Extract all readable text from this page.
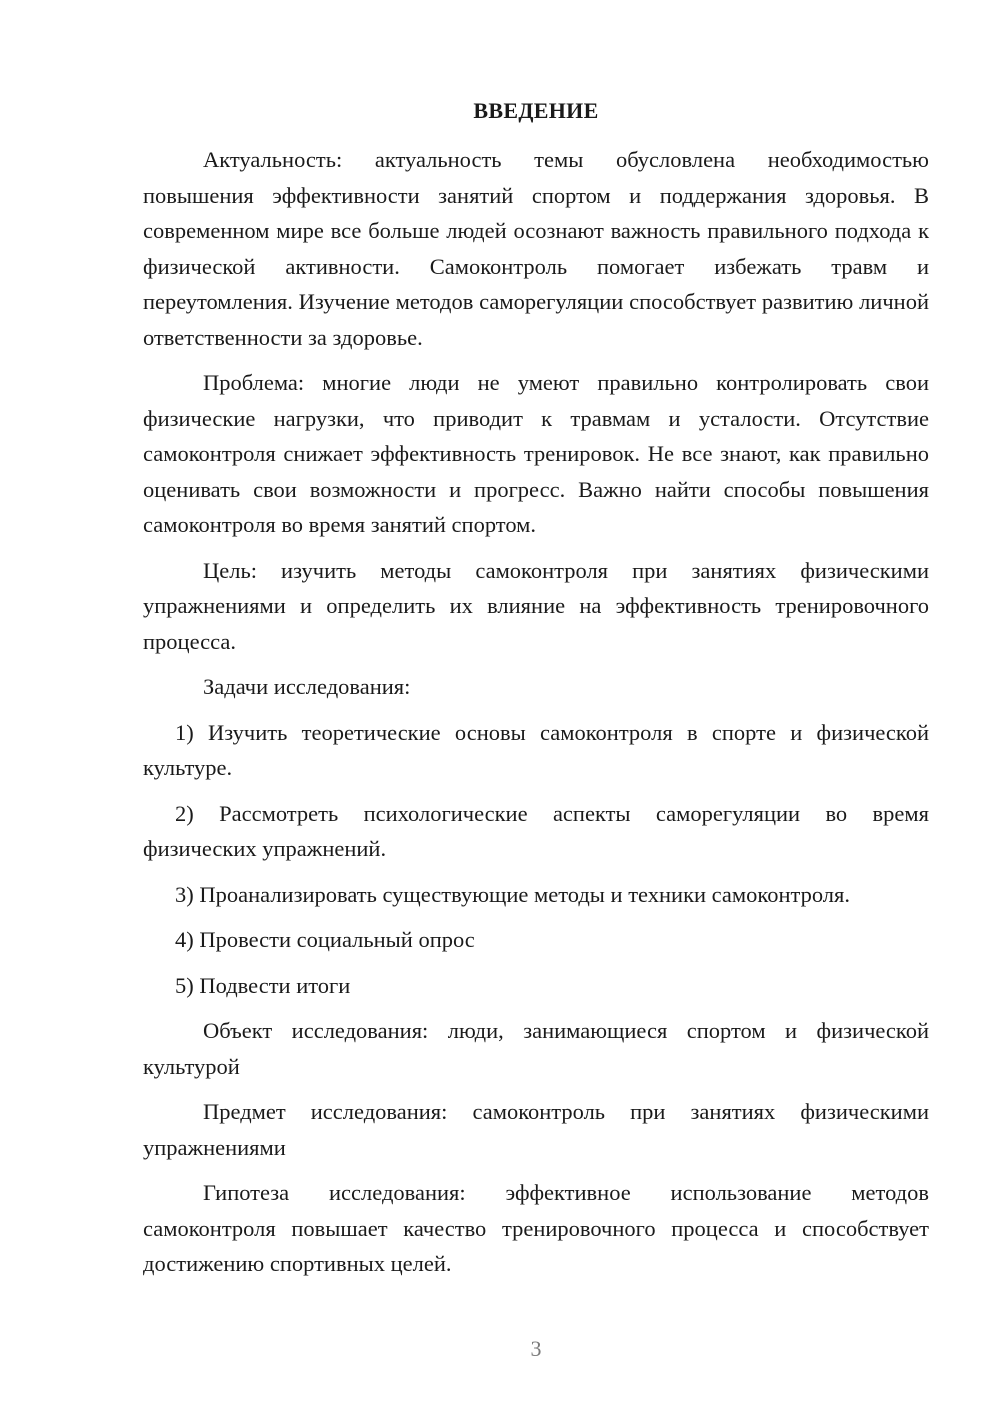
ВВЕДЕНИЕ

Актуальность: актуальность темы обусловлена необходимостью повышения эффективности занятий спортом и поддержания здоровья. В современном мире все больше людей осознают важность правильного подхода к физической активности. Самоконтроль помогает избежать травм и переутомления. Изучение методов саморегуляции способствует развитию личной ответственности за здоровье.

Проблема: многие люди не умеют правильно контролировать свои физические нагрузки, что приводит к травмам и усталости. Отсутствие самоконтроля снижает эффективность тренировок. Не все знают, как правильно оценивать свои возможности и прогресс. Важно найти способы повышения самоконтроля во время занятий спортом.

Цель: изучить методы самоконтроля при занятиях физическими упражнениями и определить их влияние на эффективность тренировочного процесса.

Задачи исследования:

1) Изучить теоретические основы самоконтроля в спорте и физической культуре.

2) Рассмотреть психологические аспекты саморегуляции во время физических упражнений.

3) Проанализировать существующие методы и техники самоконтроля.

4) Провести социальный опрос

5) Подвести итоги

Объект исследования: люди, занимающиеся спортом и физической культурой

Предмет исследования: самоконтроль при занятиях физическими упражнениями

Гипотеза исследования: эффективное использование методов самоконтроля повышает качество тренировочного процесса и способствует достижению спортивных целей.

3
